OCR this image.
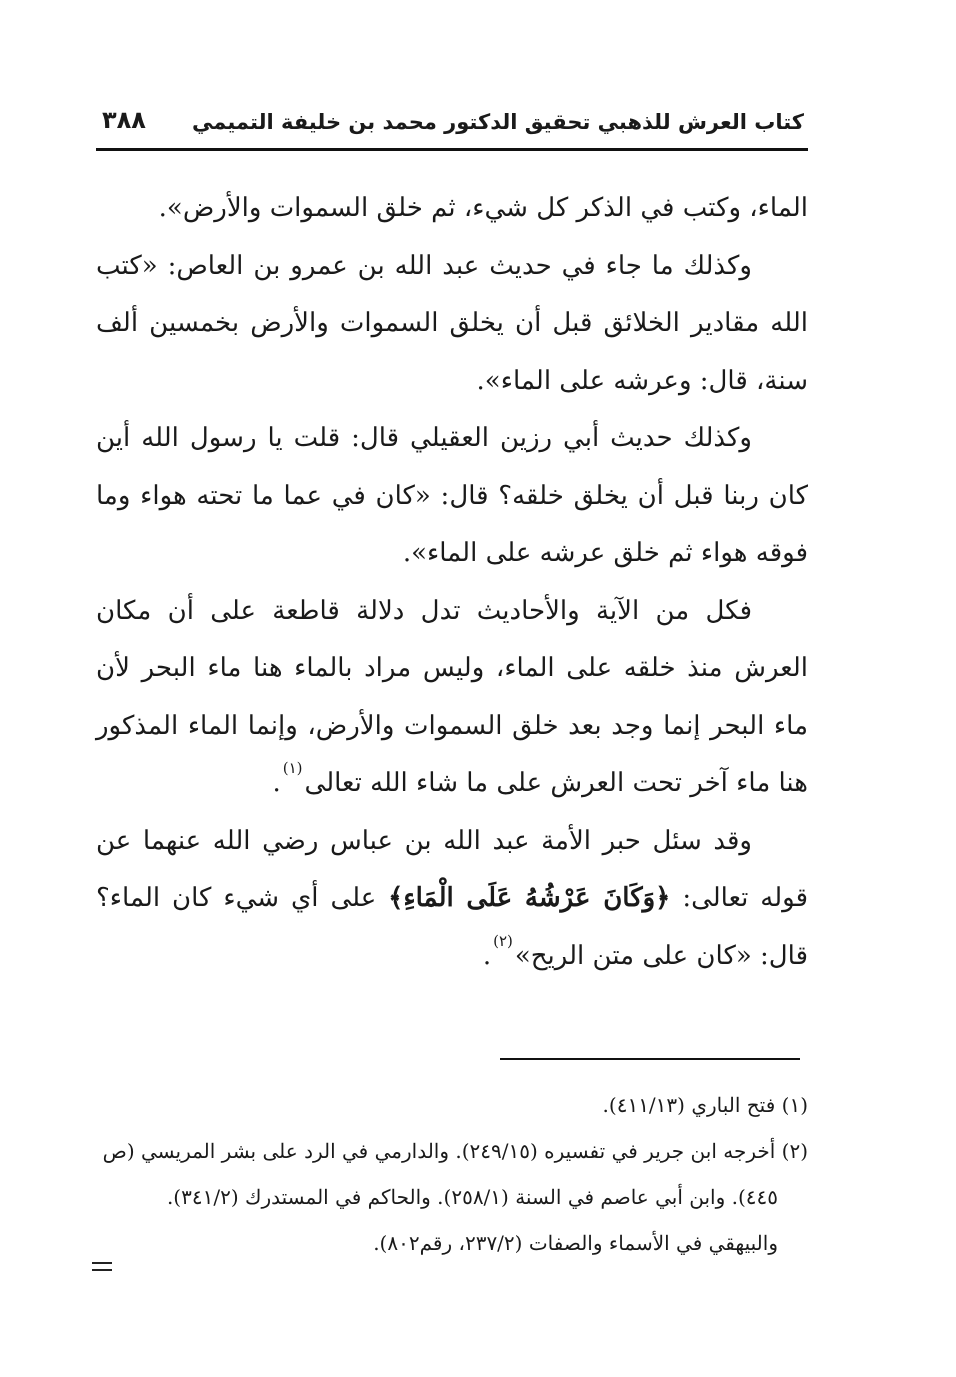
كتاب العرش للذهبي تحقيق الدكتور محمد بن خليفة التميمي
٣٨٨

الماء، وكتب في الذكر كل شيء، ثم خلق السموات والأرض».

وكذلك ما جاء في حديث عبد الله بن عمرو بن العاص: «كتب الله مقادير الخلائق قبل أن يخلق السموات والأرض بخمسين ألف سنة، قال: وعرشه على الماء».

وكذلك حديث أبي رزين العقيلي قال: قلت يا رسول الله أين كان ربنا قبل أن يخلق خلقه؟ قال: «كان في عما ما تحته هواء وما فوقه هواء ثم خلق عرشه على الماء».

فكل من الآية والأحاديث تدل دلالة قاطعة على أن مكان العرش منذ خلقه على الماء، وليس مراد بالماء هنا ماء البحر لأن ماء البحر إنما وجد بعد خلق السموات والأرض، وإنما الماء المذكور هنا ماء آخر تحت العرش على ما شاء الله تعالى$^{(١)}$.

وقد سئل حبر الأمة عبد الله بن عباس رضي الله عنهما عن قوله تعالى: ﴿وَكَانَ عَرْشُهُ عَلَى الْمَاءِ﴾ على أي شيء كان الماء؟ قال: «كان على متن الريح»$^{(٢)}$.

(١) فتح الباري (٤١١/١٣).

(٢) أخرجه ابن جرير في تفسيره (٢٤٩/١٥). والدارمي في الرد على بشر المريسي (ص

٤٤٥). وابن أبي عاصم في السنة (٢٥٨/١). والحاكم في المستدرك (٣٤١/٢).

والبيهقي في الأسماء والصفات (٢٣٧/٢، رقم٨٠٢).
